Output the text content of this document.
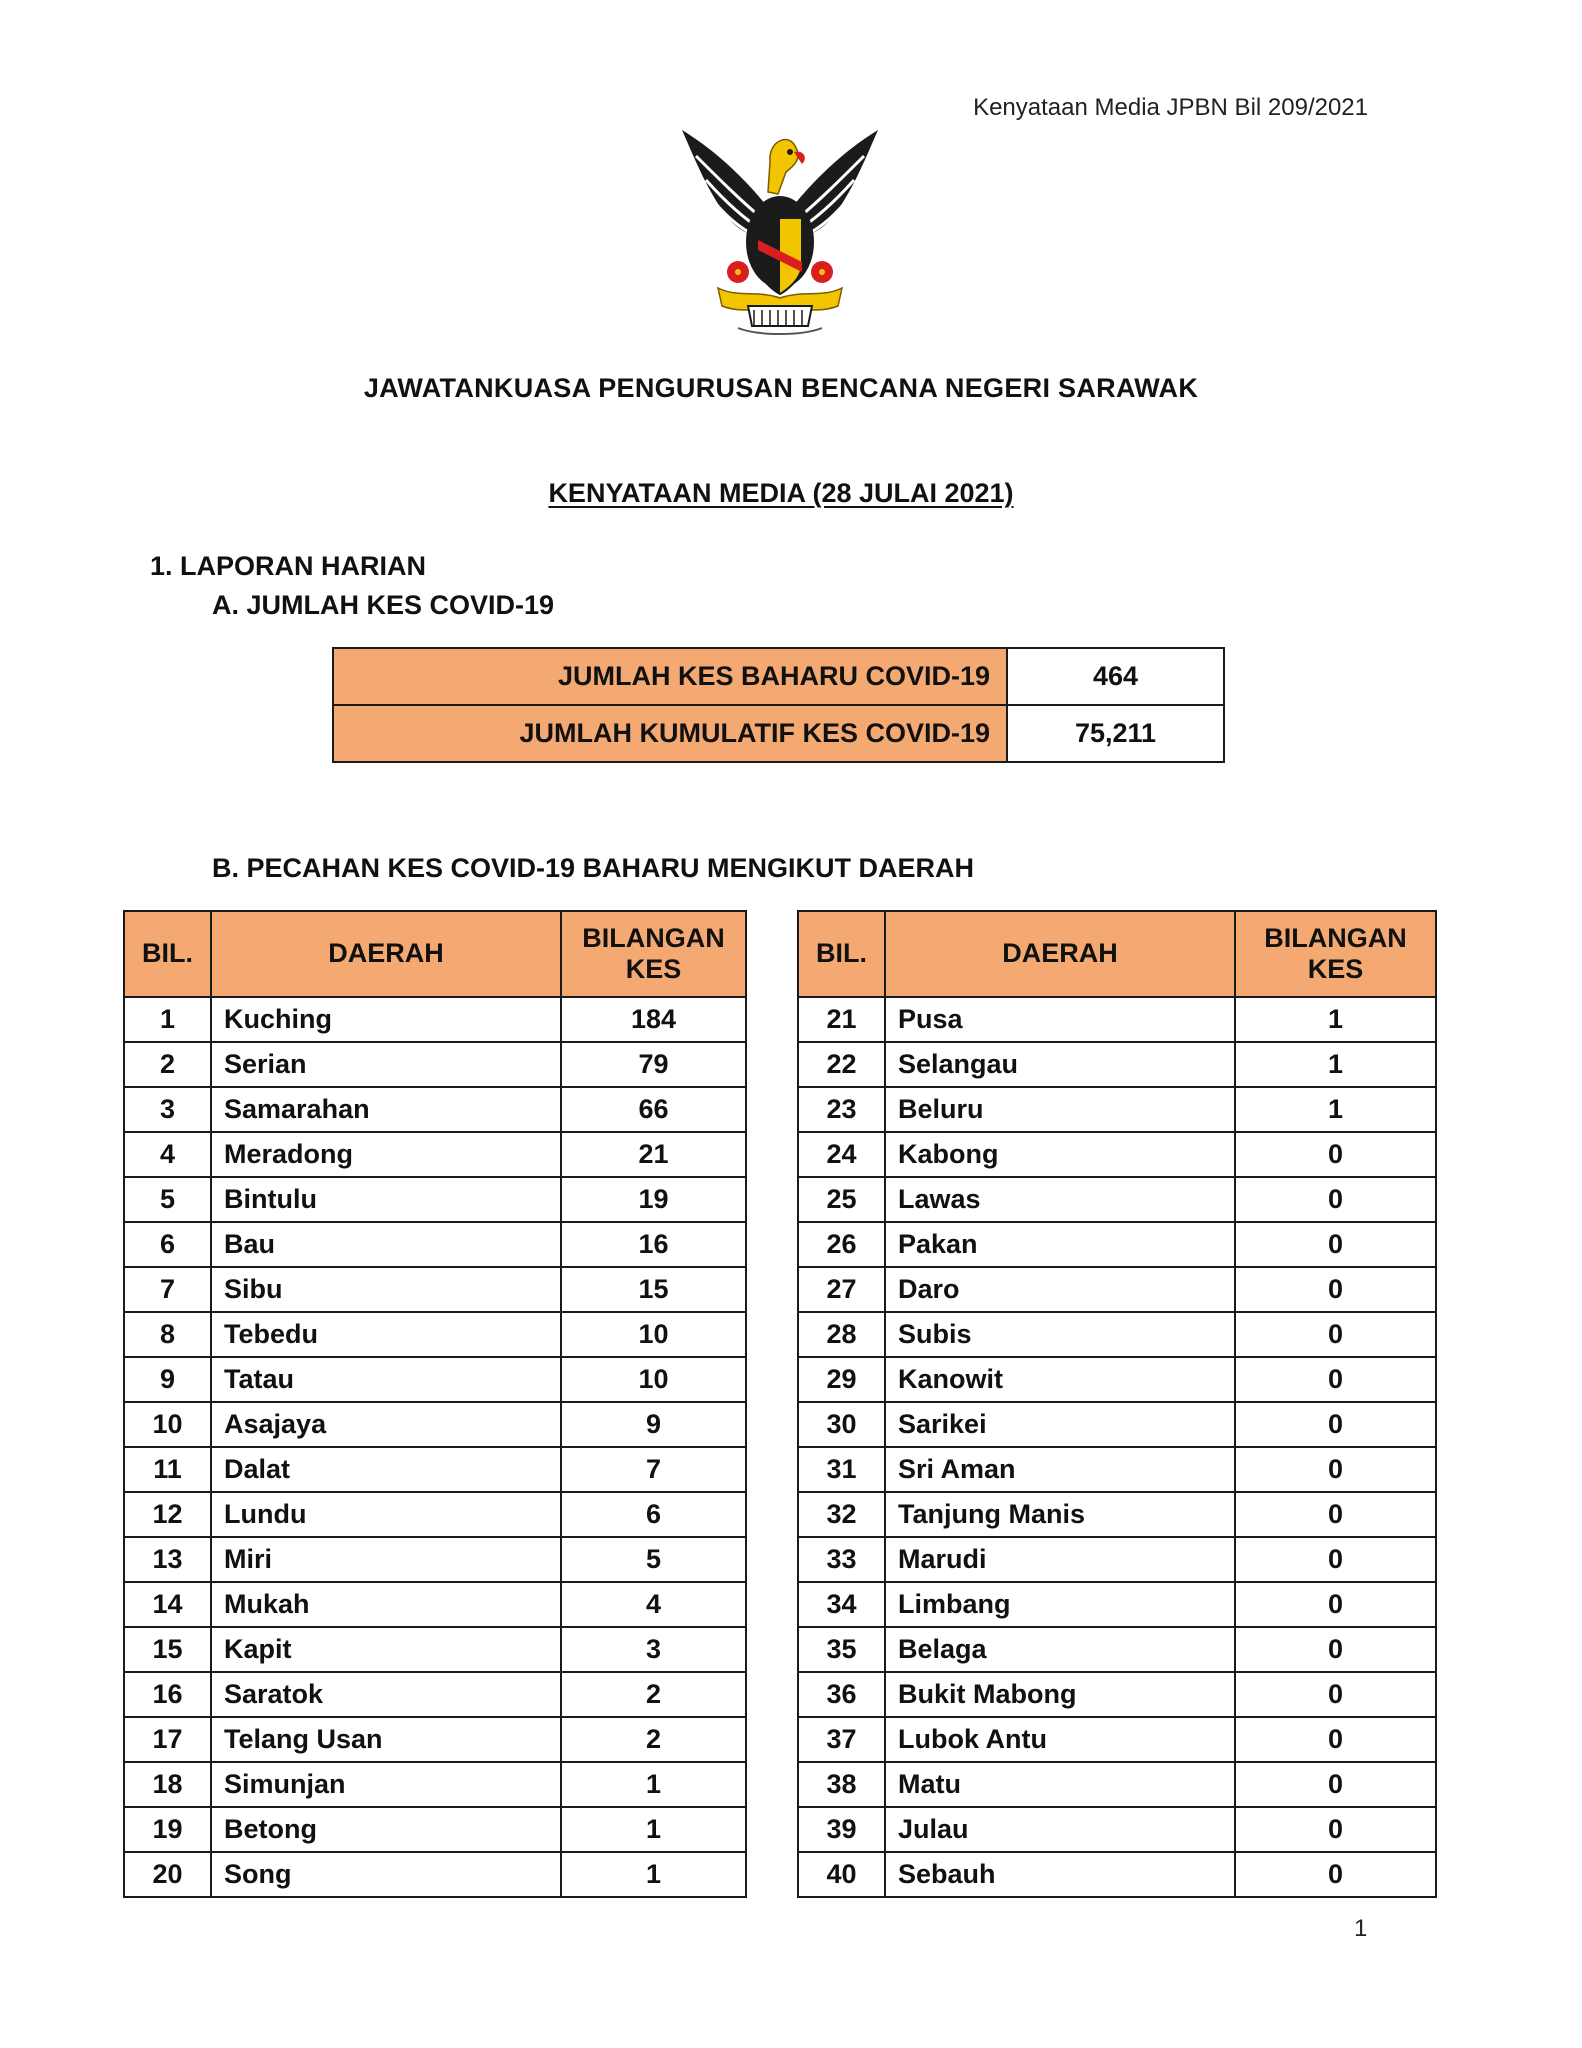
Kenyataan Media JPBN Bil 209/2021
JAWATANKUASA PENGURUSAN BENCANA NEGERI SARAWAK
KENYATAAN MEDIA (28 JULAI 2021)
1. LAPORAN HARIAN
A. JUMLAH KES COVID-19
JUMLAH KES BAHARU COVID-19	464
JUMLAH KUMULATIF KES COVID-19	75,211
B. PECAHAN KES COVID-19 BAHARU MENGIKUT DAERAH
BIL.	DAERAH	BILANGAN
KES
1	Kuching	184
2	Serian	79
3	Samarahan	66
4	Meradong	21
5	Bintulu	19
6	Bau	16
7	Sibu	15
8	Tebedu	10
9	Tatau	10
10	Asajaya	9
11	Dalat	7
12	Lundu	6
13	Miri	5
14	Mukah	4
15	Kapit	3
16	Saratok	2
17	Telang Usan	2
18	Simunjan	1
19	Betong	1
20	Song	1
BIL.	DAERAH	BILANGAN
KES
21	Pusa	1
22	Selangau	1
23	Beluru	1
24	Kabong	0
25	Lawas	0
26	Pakan	0
27	Daro	0
28	Subis	0
29	Kanowit	0
30	Sarikei	0
31	Sri Aman	0
32	Tanjung Manis	0
33	Marudi	0
34	Limbang	0
35	Belaga	0
36	Bukit Mabong	0
37	Lubok Antu	0
38	Matu	0
39	Julau	0
40	Sebauh	0
1
